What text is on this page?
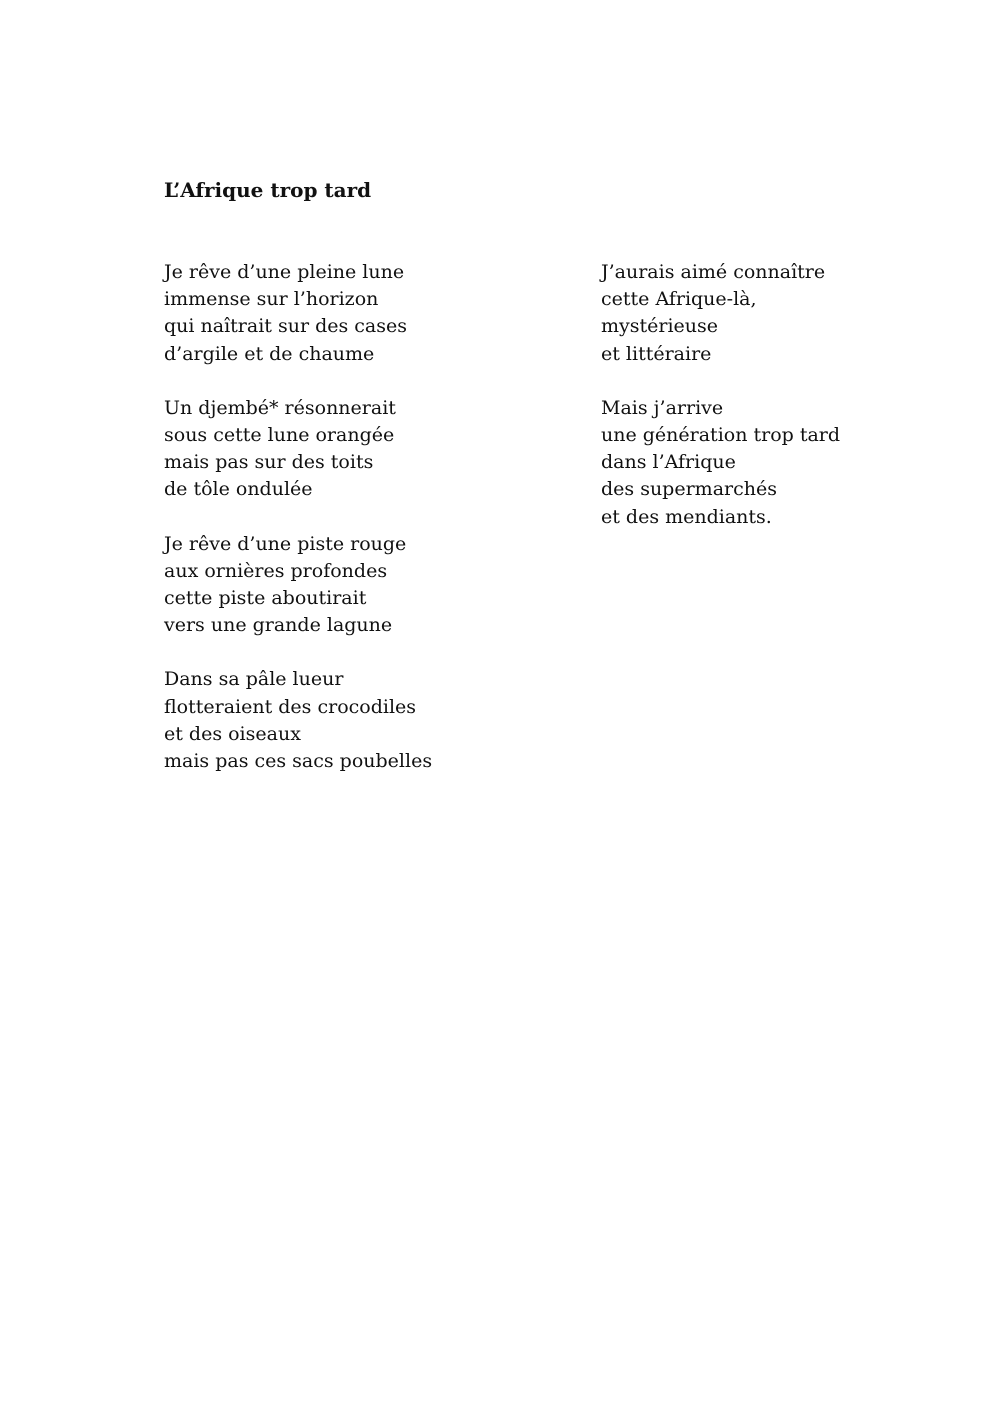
L’Afrique trop tard
Je rêve d’une pleine lune
immense sur l’horizon
qui naîtrait sur des cases
d’argile et de chaume
Un djembé* résonnerait
sous cette lune orangée
mais pas sur des toits
de tôle ondulée
Je rêve d’une piste rouge
aux ornières profondes
cette piste aboutirait
vers une grande lagune
Dans sa pâle lueur
flotteraient des crocodiles
et des oiseaux
mais pas ces sacs poubelles
J’aurais aimé connaître
cette Afrique-là,
mystérieuse
et littéraire
Mais j’arrive
une génération trop tard
dans l’Afrique
des supermarchés
et des mendiants.
